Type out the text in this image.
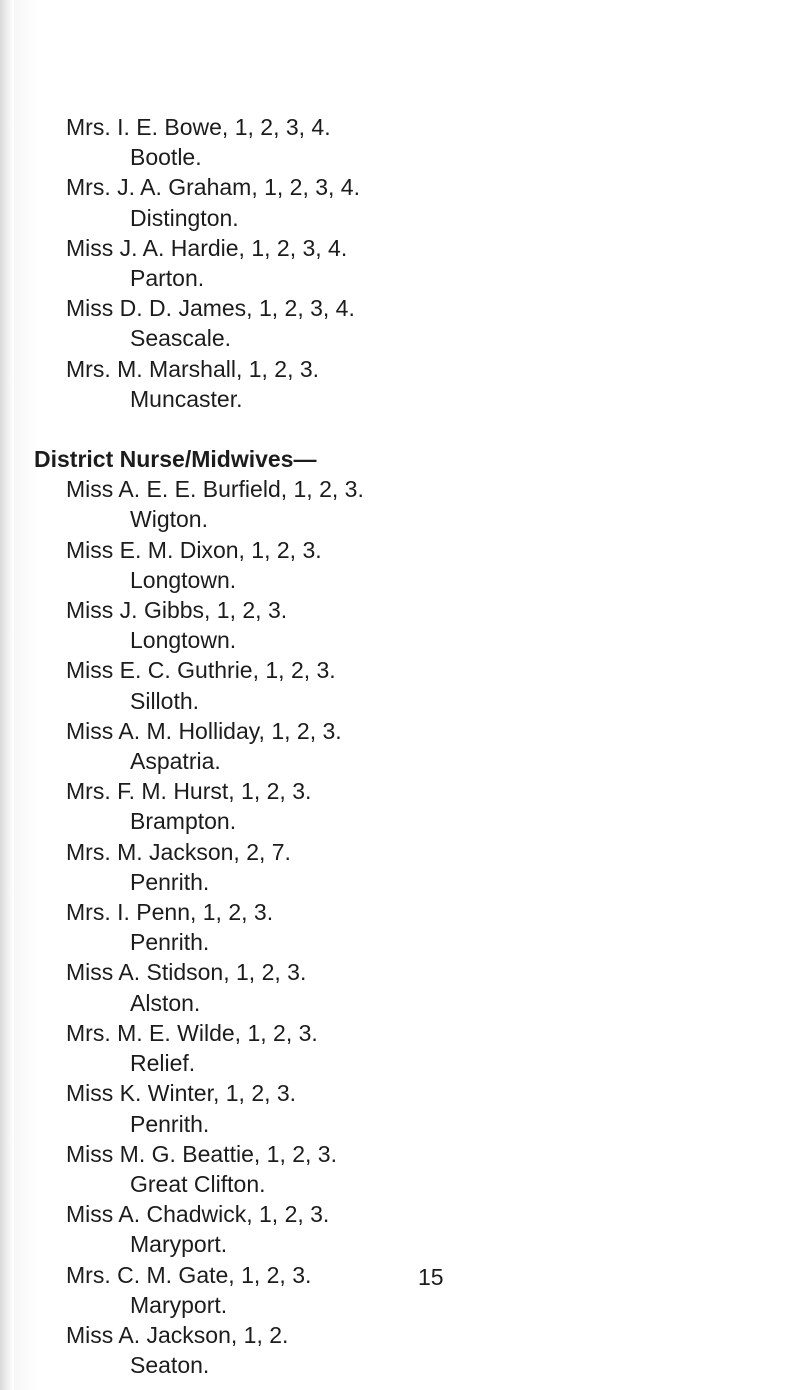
Mrs. I. E. Bowe, 1, 2, 3, 4.
Bootle.
Mrs. J. A. Graham, 1, 2, 3, 4.
Distington.
Miss J. A. Hardie, 1, 2, 3, 4.
Parton.
Miss D. D. James, 1, 2, 3, 4.
Seascale.
Mrs. M. Marshall, 1, 2, 3.
Muncaster.
District Nurse/Midwives—
Miss A. E. E. Burfield, 1, 2, 3.
Wigton.
Miss E. M. Dixon, 1, 2, 3.
Longtown.
Miss J. Gibbs, 1, 2, 3.
Longtown.
Miss E. C. Guthrie, 1, 2, 3.
Silloth.
Miss A. M. Holliday, 1, 2, 3.
Aspatria.
Mrs. F. M. Hurst, 1, 2, 3.
Brampton.
Mrs. M. Jackson, 2, 7.
Penrith.
Mrs. I. Penn, 1, 2, 3.
Penrith.
Miss A. Stidson, 1, 2, 3.
Alston.
Mrs. M. E. Wilde, 1, 2, 3.
Relief.
Miss K. Winter, 1, 2, 3.
Penrith.
Miss M. G. Beattie, 1, 2, 3.
Great Clifton.
Miss A. Chadwick, 1, 2, 3.
Maryport.
Mrs. C. M. Gate, 1, 2, 3.
Maryport.
Miss A. Jackson, 1, 2.
Seaton.
15
